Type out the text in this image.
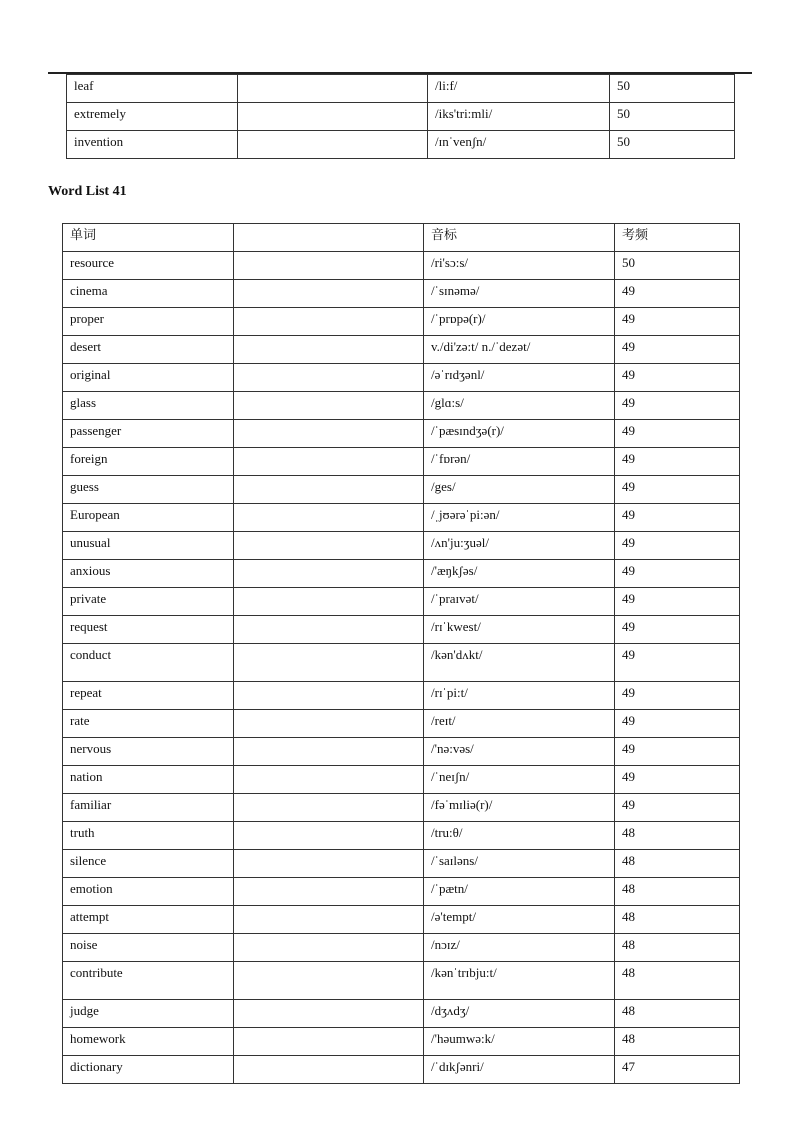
leaf		/li:f/	50
extremely		/iks'tri:mli/	50
invention		/ɪnˈvenʃn/	50
Word List 41
单词		音标	考频
resource		/ri'sɔ:s/	50
cinema		/ˈsɪnəmə/	49
proper		/ˈprɒpə(r)/	49
desert		v./di'zə:t/ n./ˈdezət/	49
original		/əˈrɪdʒənl/	49
glass		/glɑ:s/	49
passenger		/ˈpæsɪndʒə(r)/	49
foreign		/ˈfɒrən/	49
guess		/ges/	49
European		/ˌjʊərəˈpi:ən/	49
unusual		/ʌn'ju:ʒuəl/	49
anxious		/'æŋkʃəs/	49
private		/ˈpraɪvət/	49
request		/rɪˈkwest/	49
conduct		/kən'dʌkt/	49
repeat		/rɪˈpi:t/	49
rate		/reɪt/	49
nervous		/'nə:vəs/	49
nation		/ˈneɪʃn/	49
familiar		/fəˈmɪliə(r)/	49
truth		/tru:θ/	48
silence		/ˈsaɪləns/	48
emotion		/ˈpætn/	48
attempt		/ə'tempt/	48
noise		/nɔɪz/	48
contribute		/kənˈtrɪbju:t/	48
judge		/dʒʌdʒ/	48
homework		/'həumwə:k/	48
dictionary		/ˈdɪkʃənri/	47
